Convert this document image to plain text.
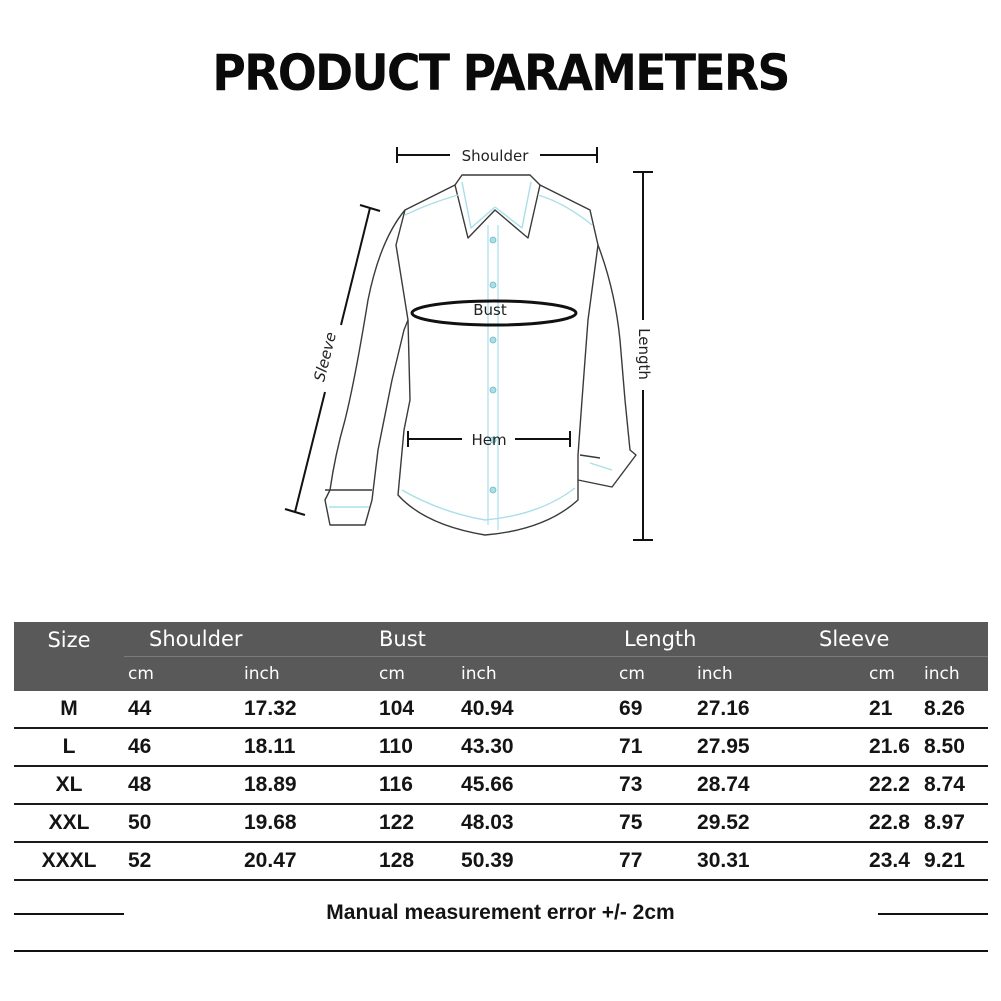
PRODUCT PARAMETERS
Shoulder
Bust
Hem
Length
Sleeve
Size	Shoulder		Bust		Length		Sleeve	
	cm	inch	cm	inch	cm	inch	cm	inch
M	44	17.32	104	40.94	69	27.16	21	8.26
L	46	18.11	110	43.30	71	27.95	21.6	8.50
XL	48	18.89	116	45.66	73	28.74	22.2	8.74
XXL	50	19.68	122	48.03	75	29.52	22.8	8.97
XXXL	52	20.47	128	50.39	77	30.31	23.4	9.21
Manual measurement error +/- 2cm
